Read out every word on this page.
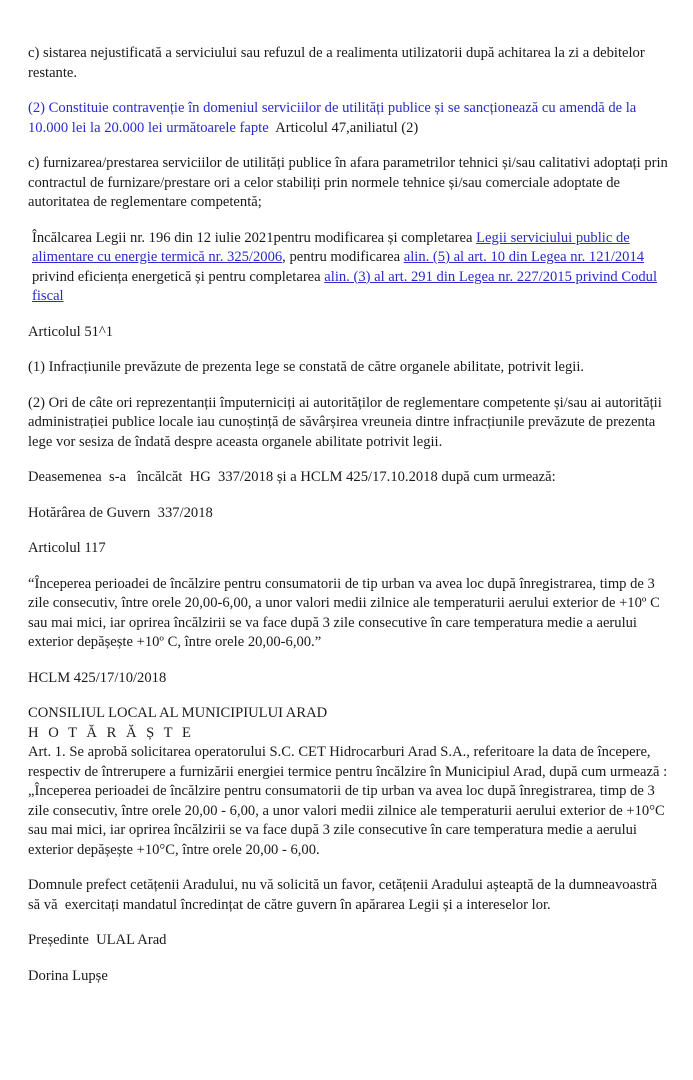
c) sistarea nejustificată a serviciului sau refuzul de a realimenta utilizatorii după achitarea la zi a debitelor restante.

(2) Constituie contravenție în domeniul serviciilor de utilități publice și se sancționează cu amendă de la 10.000 lei la 20.000 lei următoarele fapte Articolul 47,aniliatul (2)

c) furnizarea/prestarea serviciilor de utilități publice în afara parametrilor tehnici și/sau calitativi adoptați prin contractul de furnizare/prestare ori a celor stabiliți prin normele tehnice și/sau comerciale adoptate de autoritatea de reglementare competentă;

Încălcarea Legii nr. 196 din 12 iulie 2021pentru modificarea și completarea Legii serviciului public de alimentare cu energie termică nr. 325/2006, pentru modificarea alin. (5) al art. 10 din Legea nr. 121/2014 privind eficiența energetică și pentru completarea alin. (3) al art. 291 din Legea nr. 227/2015 privind Codul fiscal

Articolul 51^1

(1) Infracțiunile prevăzute de prezenta lege se constată de către organele abilitate, potrivit legii.

(2) Ori de câte ori reprezentanții împuterniciți ai autorităților de reglementare competente și/sau ai autorității administrației publice locale iau cunoștință de săvârșirea vreuneia dintre infracțiunile prevăzute de prezenta lege vor sesiza de îndată despre aceasta organele abilitate potrivit legii.

Deasemenea  s-a   încălcăt  HG  337/2018 și a HCLM 425/17.10.2018 după cum urmează:

Hotărârea de Guvern  337/2018

Articolul 117

“Începerea perioadei de încălzire pentru consumatorii de tip urban va avea loc după înregistrarea, timp de 3 zile consecutiv, între orele 20,00-6,00, a unor valori medii zilnice ale temperaturii aerului exterior de +10º C sau mai mici, iar oprirea încălzirii se va face după 3 zile consecutive în care temperatura medie a aerului exterior depășește +10º C, între orele 20,00-6,00.”

HCLM 425/17/10/2018

CONSILIUL LOCAL AL MUNICIPIULUI ARAD

H O T Ă R Ă Ș T E

Art. 1. Se aprobă solicitarea operatorului S.C. CET Hidrocarburi Arad S.A., referitoare la data de începere, respectiv de întrerupere a furnizării energiei termice pentru încălzire în Municipiul Arad, după cum urmează :

„Începerea perioadei de încălzire pentru consumatorii de tip urban va avea loc după înregistrarea, timp de 3 zile consecutiv, între orele 20,00 - 6,00, a unor valori medii zilnice ale temperaturii aerului exterior de +10°C sau mai mici, iar oprirea încălzirii se va face după 3 zile consecutive în care temperatura medie a aerului exterior depășește +10°C, între orele 20,00 - 6,00.

Domnule prefect cetățenii Aradului, nu vă solicită un favor, cetățenii Aradului așteaptă de la dumneavoastră să vă  exercitați mandatul încredințat de către guvern în apărarea Legii și a intereselor lor.

Președinte  ULAL Arad

Dorina Lupșe
